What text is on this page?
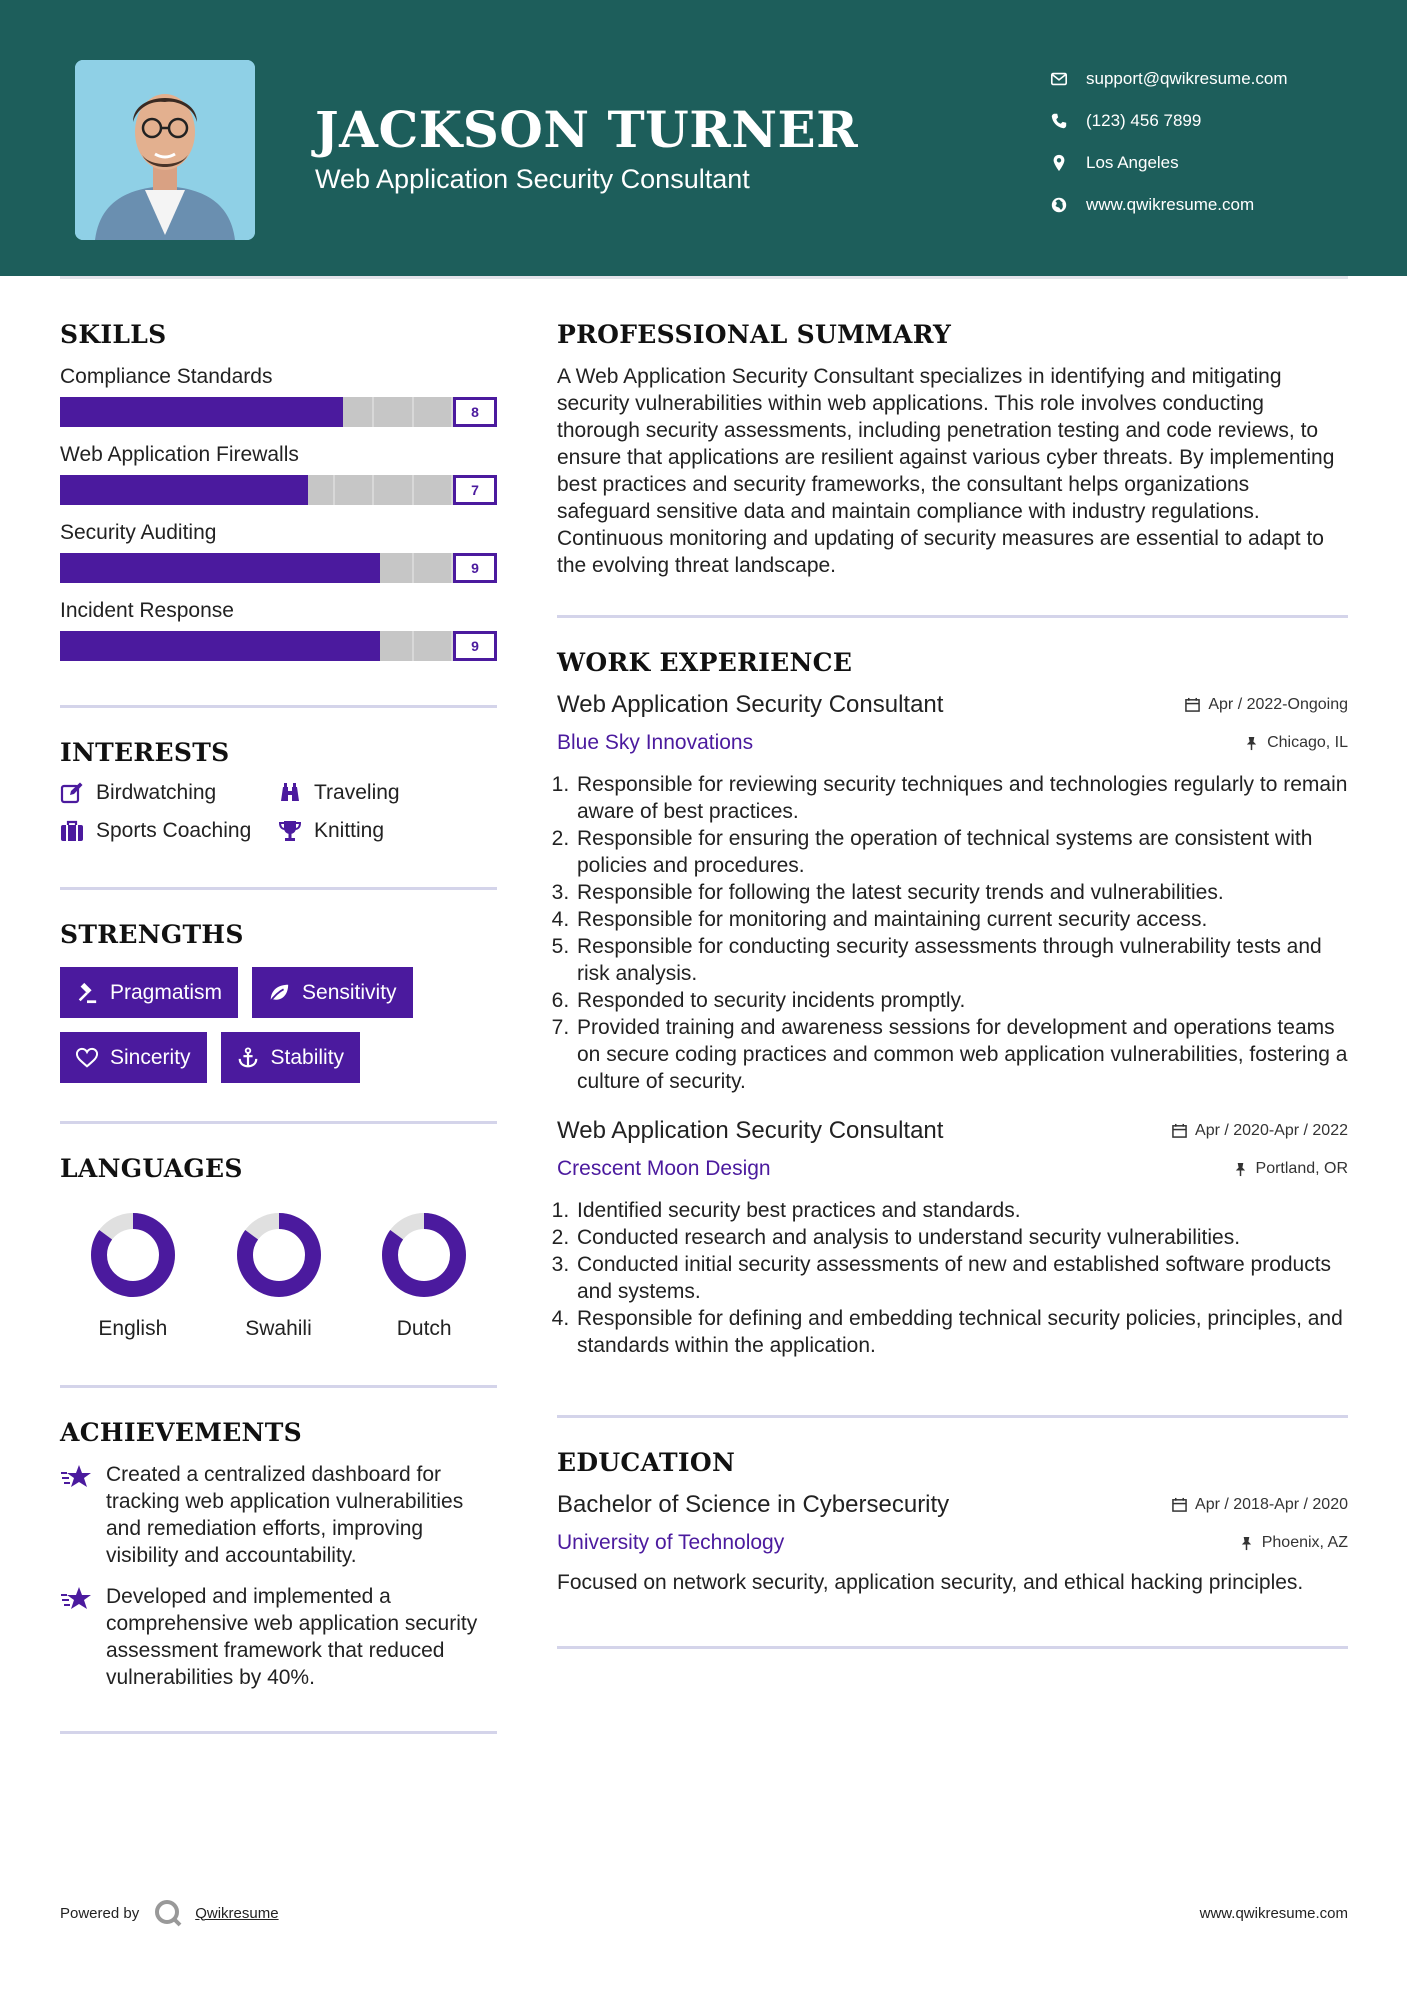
JACKSON TURNER
Web Application Security Consultant
support@qwikresume.com
(123) 456 7899
Los Angeles
www.qwikresume.com
SKILLS
Compliance Standards
8
Web Application Firewalls
7
Security Auditing
9
Incident Response
9
INTERESTS
Birdwatching	Traveling
Sports Coaching	Knitting
STRENGTHS
Pragmatism	Sensitivity
Sincerity	Stability
LANGUAGES
English	Swahili	Dutch
ACHIEVEMENTS

Created a centralized dashboard for tracking web application vulnerabilities and remediation efforts, improving visibility and accountability.

Developed and implemented a comprehensive web application security assessment framework that reduced vulnerabilities by 40%.

PROFESSIONAL SUMMARY

A Web Application Security Consultant specializes in identifying and mitigating security vulnerabilities within web applications. This role involves conducting thorough security assessments, including penetration testing and code reviews, to ensure that applications are resilient against various cyber threats. By implementing best practices and security frameworks, the consultant helps organizations safeguard sensitive data and maintain compliance with industry regulations. Continuous monitoring and updating of security measures are essential to adapt to the evolving threat landscape.

WORK EXPERIENCE
Web Application Security Consultant	Apr / 2022-Ongoing
Blue Sky Innovations	Chicago, IL
1. Responsible for reviewing security techniques and technologies regularly to remain aware of best practices.
2. Responsible for ensuring the operation of technical systems are consistent with policies and procedures.
3. Responsible for following the latest security trends and vulnerabilities.
4. Responsible for monitoring and maintaining current security access.
5. Responsible for conducting security assessments through vulnerability tests and risk analysis.
6. Responded to security incidents promptly.
7. Provided training and awareness sessions for development and operations teams on secure coding practices and common web application vulnerabilities, fostering a culture of security.
Web Application Security Consultant	Apr / 2020-Apr / 2022
Crescent Moon Design	Portland, OR
1. Identified security best practices and standards.
2. Conducted research and analysis to understand security vulnerabilities.
3. Conducted initial security assessments of new and established software products and systems.
4. Responsible for defining and embedding technical security policies, principles, and standards within the application.
EDUCATION
Bachelor of Science in Cybersecurity	Apr / 2018-Apr / 2020
University of Technology	Phoenix, AZ

Focused on network security, application security, and ethical hacking principles.

Powered by	Qwikresume	www.qwikresume.com
